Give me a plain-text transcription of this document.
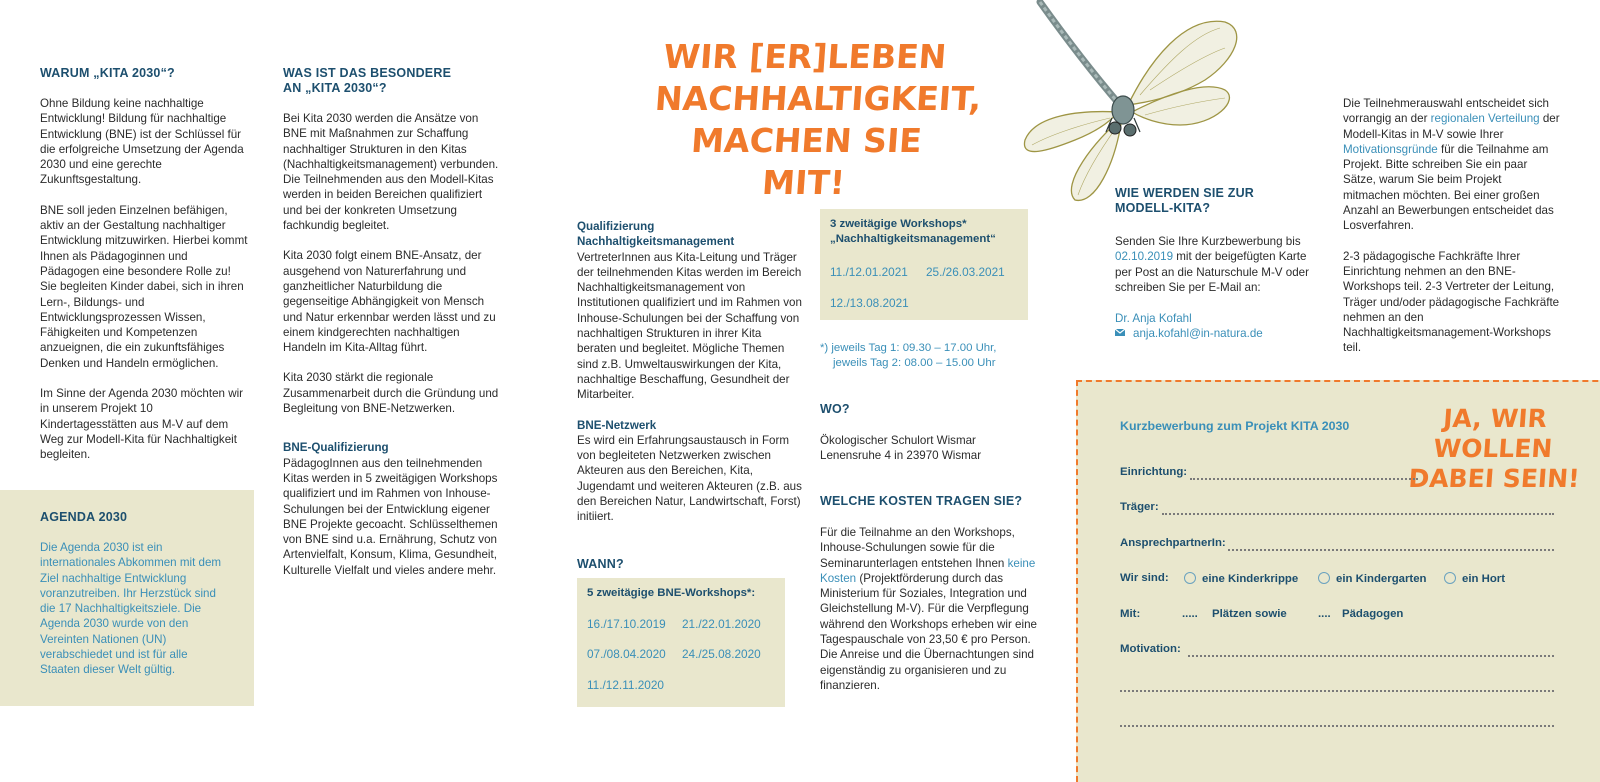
WARUM „KITA 2030“?

Ohne Bildung keine nachhaltige Entwicklung! Bildung für nachhaltige Entwicklung (BNE) ist der Schlüssel für die erfolgreiche Umsetzung der Agenda 2030 und eine gerechte Zukunftsgestaltung.

BNE soll jeden Einzelnen befähigen, aktiv an der Gestaltung nachhaltiger Entwicklung mitzuwirken. Hierbei kommt Ihnen als Pädagoginnen und Pädagogen eine besondere Rolle zu! Sie begleiten Kinder dabei, sich in ihren Lern-, Bildungs- und Entwicklungsprozessen Wissen, Fähigkeiten und Kompetenzen anzueignen, die ein zukunftsfähiges Denken und Handeln ermöglichen.

Im Sinne der Agenda 2030 möchten wir in unserem Projekt 10 Kindertagesstätten aus M-V auf dem Weg zur Modell-Kita für Nachhaltigkeit begleiten.

AGENDA 2030
Die Agenda 2030 ist ein internationales Abkommen mit dem Ziel nachhaltige Entwicklung voranzutreiben. Ihr Herzstück sind die 17 Nachhaltigkeitsziele. Die Agenda 2030 wurde von den Vereinten Nationen (UN) verabschiedet und ist für alle Staaten dieser Welt gültig.
WAS IST DAS BESONDERE
AN „KITA 2030“?

Bei Kita 2030 werden die Ansätze von BNE mit Maßnahmen zur Schaffung nachhaltiger Strukturen in den Kitas (Nachhaltigkeitsmanagement) verbunden. Die Teilnehmenden aus den Modell-Kitas werden in beiden Bereichen qualifiziert und bei der konkreten Umsetzung fachkundig begleitet.

Kita 2030 folgt einem BNE-Ansatz, der ausgehend von Naturerfahrung und ganzheitlicher Naturbildung die gegenseitige Abhängigkeit von Mensch und Natur erkennbar werden lässt und zu einem kindgerechten nachhaltigen Handeln im Kita-Alltag führt.

Kita 2030 stärkt die regionale Zusammenarbeit durch die Gründung und Begleitung von BNE-Netzwerken.

BNE-Qualifizierung
PädagogInnen aus den teilnehmenden Kitas werden in 5 zweitägigen Workshops qualifiziert und im Rahmen von Inhouse-Schulungen bei der Entwicklung eigener BNE Projekte gecoacht. Schlüsselthemen von BNE sind u.a. Ernährung, Schutz von Artenvielfalt, Konsum, Klima, Gesundheit, Kulturelle Vielfalt und vieles andere mehr.
WIR [ER]LEBEN
NACHHALTIGKEIT,
MACHEN SIE MIT!
Qualifizierung
Nachhaltigkeitsmanagement
VertreterInnen aus Kita-Leitung und Träger der teilnehmenden Kitas werden im Bereich Nachhaltigkeitsmanagement von Institutionen qualifiziert und im Rahmen von Inhouse-Schulungen bei der Schaffung von nachhaltigen Strukturen in ihrer Kita beraten und begleitet. Mögliche Themen sind z.B. Umweltauswirkungen der Kita, nachhaltige Beschaffung, Gesundheit der Mitarbeiter.
BNE-Netzwerk
Es wird ein Erfahrungsaustausch in Form von begleiteten Netzwerken zwischen Akteuren aus den Bereichen, Kita, Jugendamt und weiteren Akteuren (z.B. aus den Bereichen Natur, Landwirtschaft, Forst) initiiert.
WANN?
5 zweitägige BNE-Workshops*:
16./17.10.2019 21./22.01.2020
07./08.04.2020 24./25.08.2020
11./12.11.2020
3 zweitägige Workshops*
„Nachhaltigkeitsmanagement“
11./12.01.2021 25./26.03.2021
12./13.08.2021
*) jeweils Tag 1: 09.30 – 17.00 Uhr,
jeweils Tag 2: 08.00 – 15.00 Uhr
WO?
Ökologischer Schulort Wismar
Lenensruhe 4 in 23970 Wismar
WELCHE KOSTEN TRAGEN SIE?
Für die Teilnahme an den Workshops, Inhouse-Schulungen sowie für die Seminarunterlagen entstehen Ihnen keine Kosten (Projektförderung durch das Ministerium für Soziales, Integration und Gleichstellung M-V). Für die Verpflegung während den Workshops erheben wir eine Tagespauschale von 23,50 € pro Person. Die Anreise und die Übernachtungen sind eigenständig zu organisieren und zu finanzieren.
WIE WERDEN SIE ZUR
MODELL-KITA?
Senden Sie Ihre Kurzbewerbung bis 02.10.2019 mit der beigefügten Karte per Post an die Naturschule M-V oder schreiben Sie per E-Mail an:
Dr. Anja Kofahl
anja.kofahl@in-natura.de

Die Teilnehmerauswahl entscheidet sich vorrangig an der regionalen Verteilung der Modell-Kitas in M-V sowie Ihrer Motivationsgründe für die Teilnahme am Projekt. Bitte schreiben Sie ein paar Sätze, warum Sie beim Projekt mitmachen möchten. Bei einer großen Anzahl an Bewerbungen entscheidet das Losverfahren.

2-3 pädagogische Fachkräfte Ihrer Einrichtung nehmen an den BNE-Workshops teil. 2-3 Vertreter der Leitung, Träger und/oder pädagogische Fachkräfte nehmen an den Nachhaltigkeitsmanagement-Workshops teil.

Kurzbewerbung zum Projekt KITA 2030	JA, WIR WOLLEN
DABEI SEIN!
Einrichtung:
Träger:
AnsprechpartnerIn:
Wir sind:	eine Kinderkrippe	ein Kindergarten	ein Hort
Mit:	..... Plätzen sowie	.... Pädagogen
Motivation:
